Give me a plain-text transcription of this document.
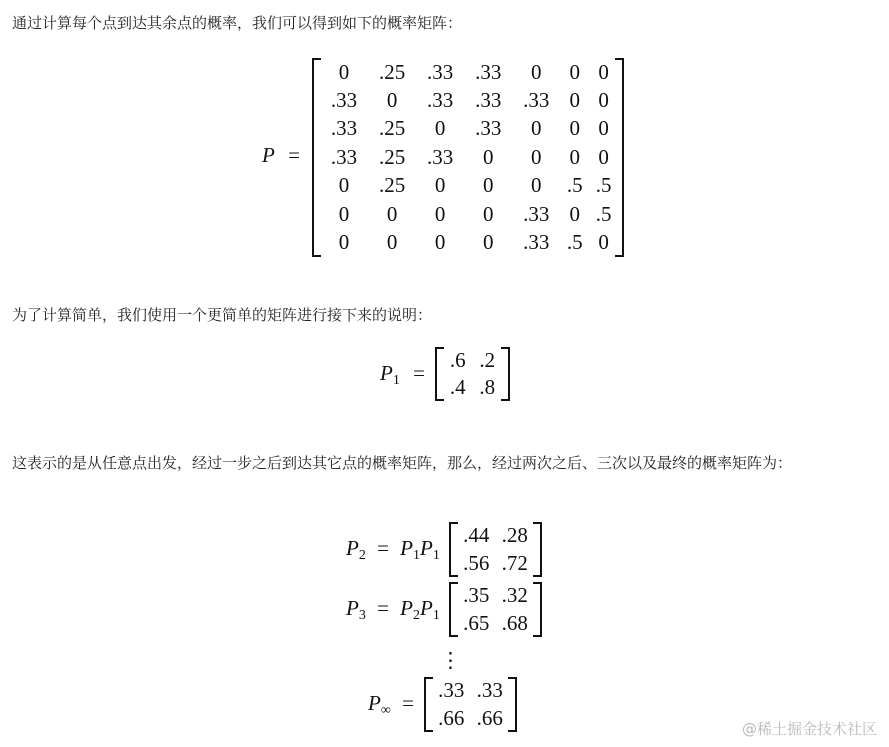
通过计算每个点到达其余点的概率，我们可以得到如下的概率矩阵：
P =
0	.25	.33	.33	0	0	0
.33	0	.33	.33	.33	0	0
.33	.25	0	.33	0	0	0
.33	.25	.33	0	0	0	0
0	.25	0	0	0	.5	.5
0	0	0	0	.33	0	.5
0	0	0	0	.33	.5	0
为了计算简单，我们使用一个更简单的矩阵进行接下来的说明：
$P_1$ =
.6	.2
.4	.8
这表示的是从任意点出发，经过一步之后到达其它点的概率矩阵，那么，经过两次之后、三次以及最终的概率矩阵为：
$P_2 = P_1P_1$
.44	.28
.56	.72
$P_3 = P_2P_1$
.35	.32
.65	.68
⋮
$P_\infty$ =
.33	.33
.66	.66	@稀土掘金技术社区
